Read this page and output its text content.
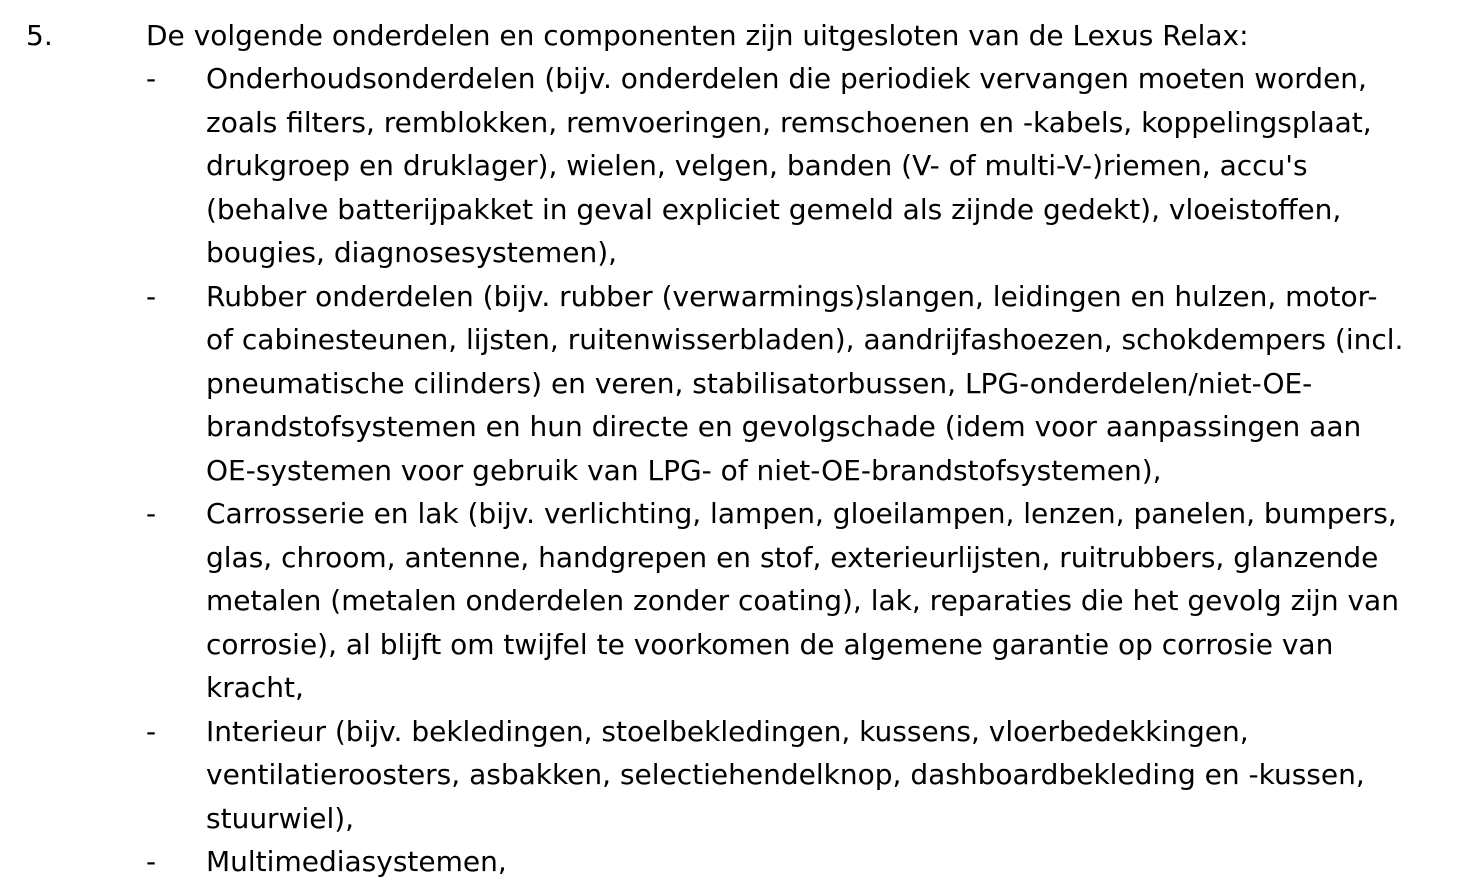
5.	De volgende onderdelen en componenten zijn uitgesloten van de Lexus Relax:

- Onderhoudsonderdelen (bijv. onderdelen die periodiek vervangen moeten worden,
zoals filters, remblokken, remvoeringen, remschoenen en -kabels, koppelingsplaat,
drukgroep en druklager), wielen, velgen, banden (V- of multi-V-)riemen, accu's
(behalve batterijpakket in geval expliciet gemeld als zijnde gedekt), vloeistoffen,
bougies, diagnosesystemen),
- Rubber onderdelen (bijv. rubber (verwarmings)slangen, leidingen en hulzen, motor-
of cabinesteunen, lijsten, ruitenwisserbladen), aandrijfashoezen, schokdempers (incl.
pneumatische cilinders) en veren, stabilisatorbussen, LPG-onderdelen/niet-OE-
brandstofsystemen en hun directe en gevolgschade (idem voor aanpassingen aan
OE-systemen voor gebruik van LPG- of niet-OE-brandstofsystemen),
- Carrosserie en lak (bijv. verlichting, lampen, gloeilampen, lenzen, panelen, bumpers,
glas, chroom, antenne, handgrepen en stof, exterieurlijsten, ruitrubbers, glanzende
metalen (metalen onderdelen zonder coating), lak, reparaties die het gevolg zijn van
corrosie), al blijft om twijfel te voorkomen de algemene garantie op corrosie van
kracht,
- Interieur (bijv. bekledingen, stoelbekledingen, kussens, vloerbedekkingen,
ventilatieroosters, asbakken, selectiehendelknop, dashboardbekleding en -kussen,
stuurwiel),
- Multimediasystemen,
